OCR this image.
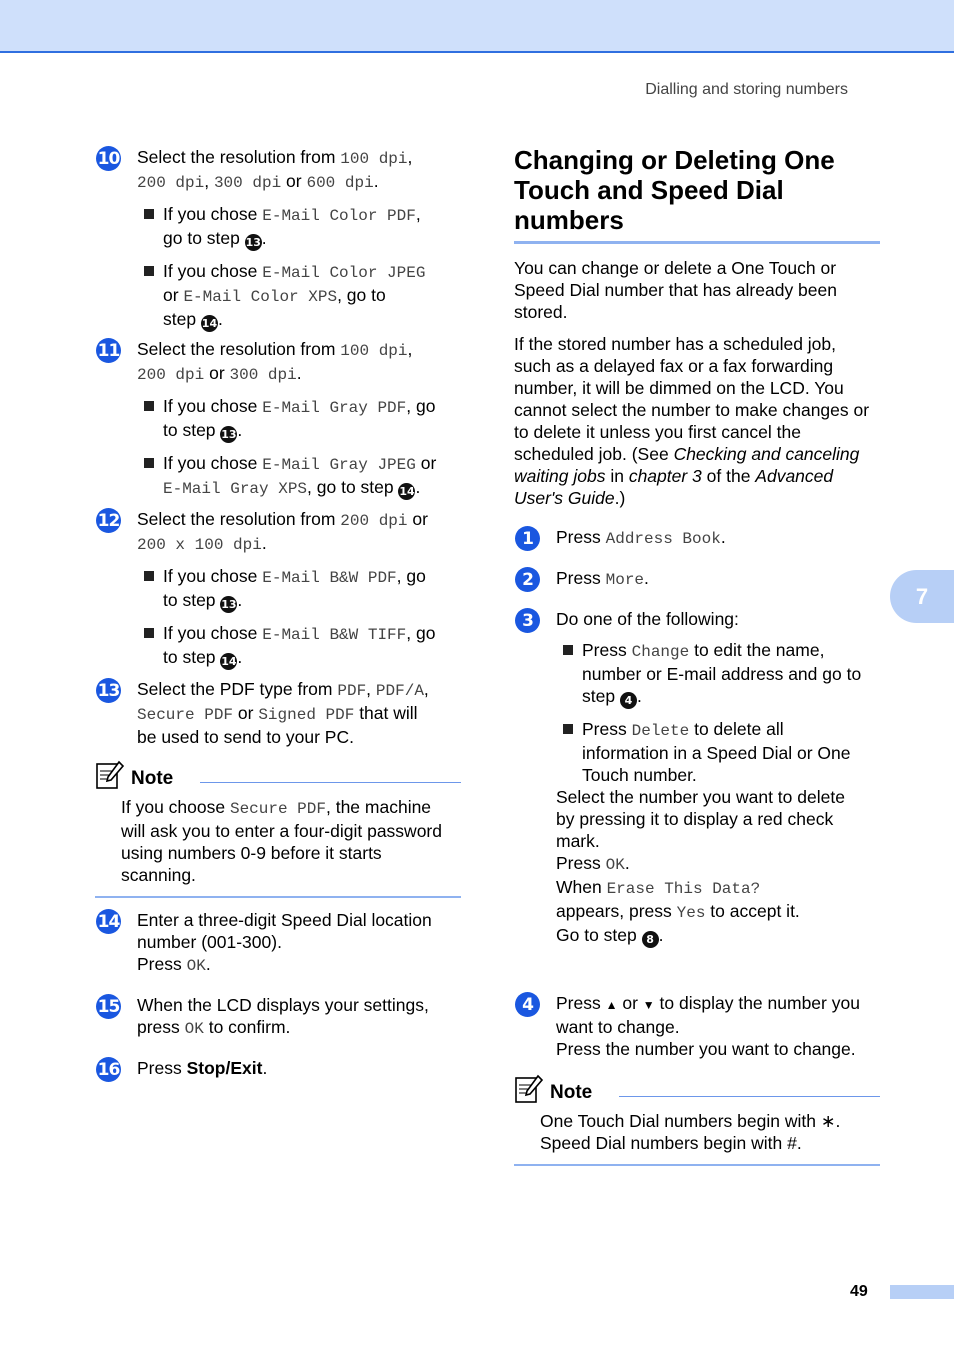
Dialling and storing numbers
7
10 Select the resolution from 100 dpi,
200 dpi, 300 dpi or 600 dpi.

If you chose E-Mail Color PDF,
go to step 13.
If you chose E-Mail Color JPEG
or E-Mail Color XPS, go to
step 14.
11 Select the resolution from 100 dpi,
200 dpi or 300 dpi.

If you chose E-Mail Gray PDF, go
to step 13.
If you chose E-Mail Gray JPEG or
E-Mail Gray XPS, go to step 14.
12 Select the resolution from 200 dpi or
200 x 100 dpi.

If you chose E-Mail B&W PDF, go
to step 13.
If you chose E-Mail B&W TIFF, go
to step 14.
13 Select the PDF type from PDF, PDF/A,
Secure PDF or Signed PDF that will
be used to send to your PC.

Note

If you choose Secure PDF, the machine

will ask you to enter a four-digit password

using numbers 0-9 before it starts

scanning.

14 Enter a three-digit Speed Dial location
number (001-300).
Press OK.

15 When the LCD displays your settings,
press OK to confirm.

16 Press Stop/Exit.

Changing or Deleting One Touch and Speed Dial numbers

You can change or delete a One Touch or

Speed Dial number that has already been

stored.

If the stored number has a scheduled job,

such as a delayed fax or a fax forwarding

number, it will be dimmed on the LCD. You

cannot select the number to make changes or

to delete it unless you first cancel the

scheduled job. (See Checking and canceling

waiting jobs in chapter 3 of the Advanced

User's Guide.)

1	Press Address Book.

2	Press More.

3	Do one of the following:

Press Change to edit the name,
number or E-mail address and go to
step 4 .
Press Delete to delete all
information in a Speed Dial or One
Touch number.

Select the number you want to delete
by pressing it to display a red check
mark.

Press OK.

When Erase This Data?
appears, press Yes to accept it.

Go to step 8 .

4	Press ▲ or ▼ to display the number you
want to change.
Press the number you want to change.

Note

One Touch Dial numbers begin with ∗.

Speed Dial numbers begin with #.

49
